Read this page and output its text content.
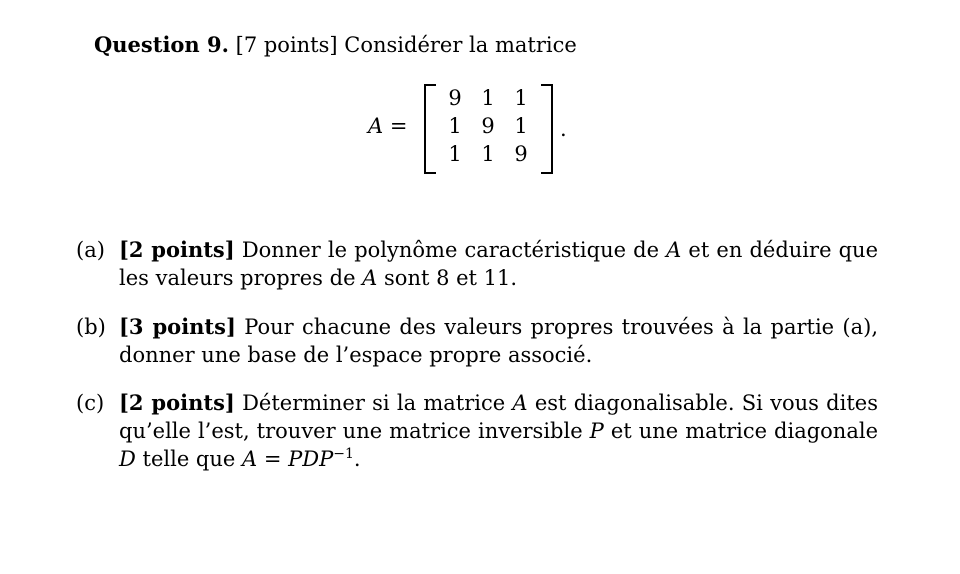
Question 9. [7 points] Considérer la matrice
A =
9 1 1
1 9 1
1 1 9
.
(a) [2 points] Donner le polynôme caractéristique de A et en déduire que les valeurs propres de A sont 8 et 11.
(b) [3 points] Pour chacune des valeurs propres trouvées à la partie (a), donner une base de l’espace propre associé.
(c) [2 points] Déterminer si la matrice A est diagonalisable. Si vous dites qu’elle l’est, trouver une matrice inversible P et une matrice diagonale D telle que $A = PDP^{-1}$.
